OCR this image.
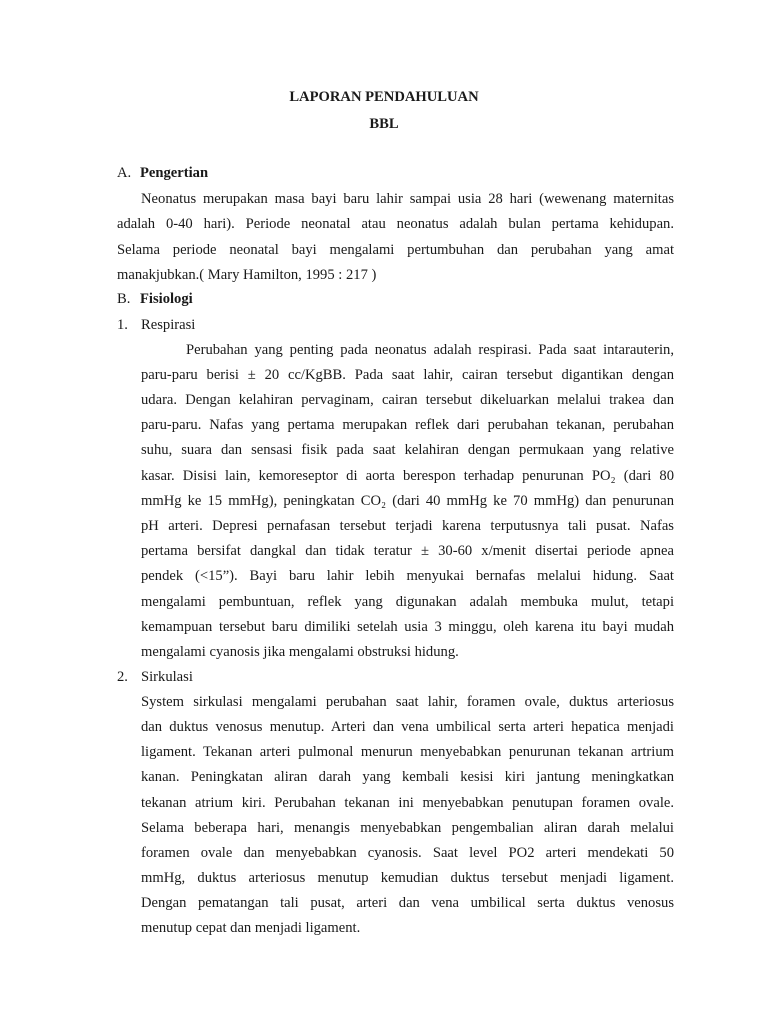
LAPORAN PENDAHULUAN
BBL
A. Pengertian
Neonatus merupakan masa bayi baru lahir sampai usia 28 hari (wewenang maternitas
adalah 0-40 hari). Periode neonatal atau neonatus adalah bulan pertama kehidupan.
Selama periode neonatal bayi mengalami pertumbuhan dan perubahan yang amat
manakjubkan.( Mary Hamilton, 1995 : 217 )
B. Fisiologi
1. Respirasi
Perubahan yang penting pada neonatus adalah respirasi. Pada saat intarauterin,
paru-paru berisi ± 20 cc/KgBB. Pada saat lahir, cairan tersebut digantikan dengan
udara. Dengan kelahiran pervaginam, cairan tersebut dikeluarkan melalui trakea dan
paru-paru. Nafas yang pertama merupakan reflek dari perubahan tekanan, perubahan
suhu, suara dan sensasi fisik pada saat kelahiran dengan permukaan yang relative
kasar. Disisi lain, kemoreseptor di aorta berespon terhadap penurunan PO₂ (dari 80
mmHg ke 15 mmHg), peningkatan CO₂ (dari 40 mmHg ke 70 mmHg) dan penurunan
pH arteri. Depresi pernafasan tersebut terjadi karena terputusnya tali pusat. Nafas
pertama bersifat dangkal dan tidak teratur ± 30-60 x/menit disertai periode apnea
pendek (<15”). Bayi baru lahir lebih menyukai bernafas melalui hidung. Saat
mengalami pembuntuan, reflek yang digunakan adalah membuka mulut, tetapi
kemampuan tersebut baru dimiliki setelah usia 3 minggu, oleh karena itu bayi mudah
mengalami cyanosis jika mengalami obstruksi hidung.
2. Sirkulasi
System sirkulasi mengalami perubahan saat lahir, foramen ovale, duktus arteriosus
dan duktus venosus menutup. Arteri dan vena umbilical serta arteri hepatica menjadi
ligament. Tekanan arteri pulmonal menurun menyebabkan penurunan tekanan artrium
kanan. Peningkatan aliran darah yang kembali kesisi kiri jantung meningkatkan
tekanan atrium kiri. Perubahan tekanan ini menyebabkan penutupan foramen ovale.
Selama beberapa hari, menangis menyebabkan pengembalian aliran darah melalui
foramen ovale dan menyebabkan cyanosis. Saat level PO2 arteri mendekati 50
mmHg, duktus arteriosus menutup kemudian duktus tersebut menjadi ligament.
Dengan pematangan tali pusat, arteri dan vena umbilical serta duktus venosus
menutup cepat dan menjadi ligament.
